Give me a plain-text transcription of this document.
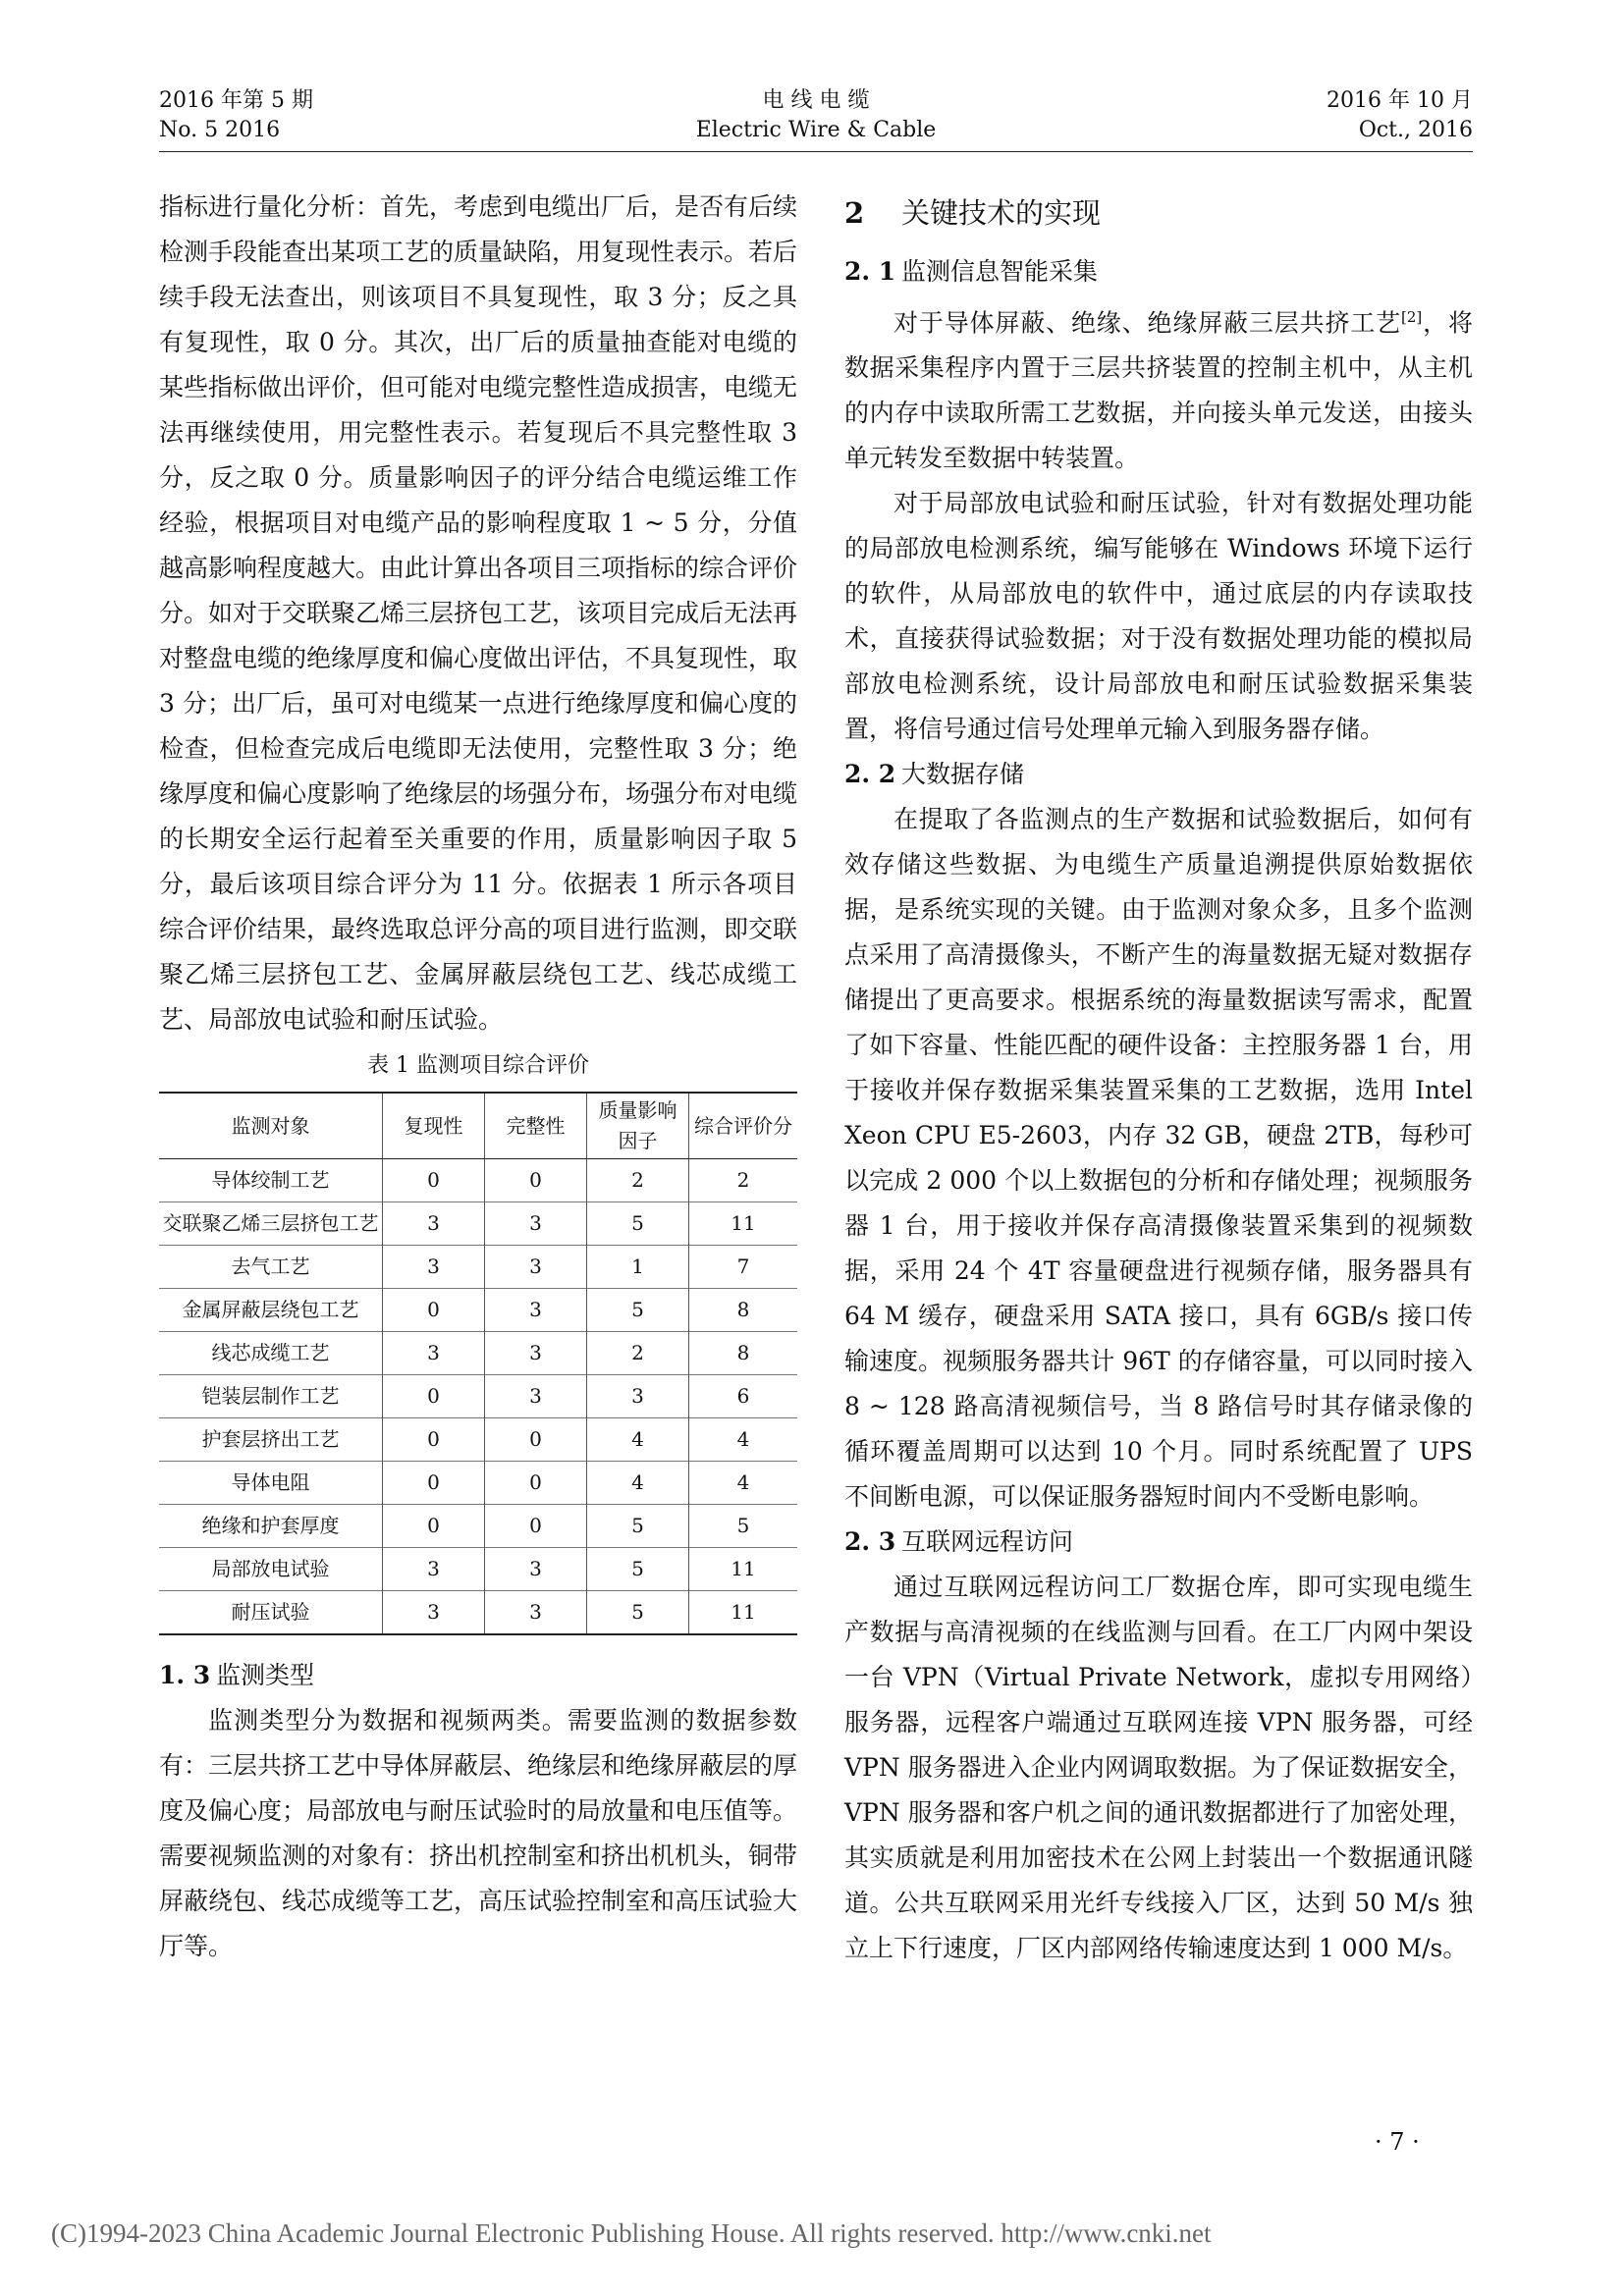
2016 年第 5 期
No. 5 2016
电 线 电 缆
Electric Wire & Cable
2016 年 10 月
Oct., 2016

指标进行量化分析：首先，考虑到电缆出厂后，是否有后续检测手段能查出某项工艺的质量缺陷，用复现性表示。若后续手段无法查出，则该项目不具复现性，取 3 分；反之具有复现性，取 0 分。其次，出厂后的质量抽查能对电缆的某些指标做出评价，但可能对电缆完整性造成损害，电缆无法再继续使用，用完整性表示。若复现后不具完整性取 3 分，反之取 0 分。质量影响因子的评分结合电缆运维工作经验，根据项目对电缆产品的影响程度取 1 ~ 5 分，分值越高影响程度越大。由此计算出各项目三项指标的综合评价分。如对于交联聚乙烯三层挤包工艺，该项目完成后无法再对整盘电缆的绝缘厚度和偏心度做出评估，不具复现性，取 3 分；出厂后，虽可对电缆某一点进行绝缘厚度和偏心度的检查，但检查完成后电缆即无法使用，完整性取 3 分；绝缘厚度和偏心度影响了绝缘层的场强分布，场强分布对电缆的长期安全运行起着至关重要的作用，质量影响因子取 5 分，最后该项目综合评分为 11 分。依据表 1 所示各项目综合评价结果，最终选取总评分高的项目进行监测，即交联聚乙烯三层挤包工艺、金属屏蔽层绕包工艺、线芯成缆工艺、局部放电试验和耐压试验。

表 1 监测项目综合评价
监测对象	复现性	完整性	质量影响因子	综合评价分
导体绞制工艺	0	0	2	2
交联聚乙烯三层挤包工艺	3	3	5	11
去气工艺	3	3	1	7
金属屏蔽层绕包工艺	0	3	5	8
线芯成缆工艺	3	3	2	8
铠装层制作工艺	0	3	3	6
护套层挤出工艺	0	0	4	4
导体电阻	0	0	4	4
绝缘和护套厚度	0	0	5	5
局部放电试验	3	3	5	11
耐压试验	3	3	5	11

1. 3 监测类型

监测类型分为数据和视频两类。需要监测的数据参数有：三层共挤工艺中导体屏蔽层、绝缘层和绝缘屏蔽层的厚度及偏心度；局部放电与耐压试验时的局放量和电压值等。需要视频监测的对象有：挤出机控制室和挤出机机头，铜带屏蔽绕包、线芯成缆等工艺，高压试验控制室和高压试验大厅等。

2 关键技术的实现

2. 1 监测信息智能采集

对于导体屏蔽、绝缘、绝缘屏蔽三层共挤工艺[2]，将数据采集程序内置于三层共挤装置的控制主机中，从主机的内存中读取所需工艺数据，并向接头单元发送，由接头单元转发至数据中转装置。

对于局部放电试验和耐压试验，针对有数据处理功能的局部放电检测系统，编写能够在 Windows 环境下运行的软件，从局部放电的软件中，通过底层的内存读取技术，直接获得试验数据；对于没有数据处理功能的模拟局部放电检测系统，设计局部放电和耐压试验数据采集装置，将信号通过信号处理单元输入到服务器存储。

2. 2 大数据存储

在提取了各监测点的生产数据和试验数据后，如何有效存储这些数据、为电缆生产质量追溯提供原始数据依据，是系统实现的关键。由于监测对象众多，且多个监测点采用了高清摄像头，不断产生的海量数据无疑对数据存储提出了更高要求。根据系统的海量数据读写需求，配置了如下容量、性能匹配的硬件设备：主控服务器 1 台，用于接收并保存数据采集装置采集的工艺数据，选用 Intel Xeon CPU E5-2603，内存 32 GB，硬盘 2TB，每秒可以完成 2 000 个以上数据包的分析和存储处理；视频服务器 1 台，用于接收并保存高清摄像装置采集到的视频数据，采用 24 个 4T 容量硬盘进行视频存储，服务器具有 64 M 缓存，硬盘采用 SATA 接口，具有 6GB/s 接口传输速度。视频服务器共计 96T 的存储容量，可以同时接入 8 ~ 128 路高清视频信号，当 8 路信号时其存储录像的循环覆盖周期可以达到 10 个月。同时系统配置了 UPS 不间断电源，可以保证服务器短时间内不受断电影响。

2. 3 互联网远程访问

通过互联网远程访问工厂数据仓库，即可实现电缆生产数据与高清视频的在线监测与回看。在工厂内网中架设一台 VPN（Virtual Private Network，虚拟专用网络）服务器，远程客户端通过互联网连接 VPN 服务器，可经 VPN 服务器进入企业内网调取数据。为了保证数据安全，VPN 服务器和客户机之间的通讯数据都进行了加密处理，其实质就是利用加密技术在公网上封装出一个数据通讯隧道。公共互联网采用光纤专线接入厂区，达到 50 M/s 独立上下行速度，厂区内部网络传输速度达到 1 000 M/s。

· 7 ·
(C)1994-2023 China Academic Journal Electronic Publishing House. All rights reserved. http://www.cnki.net
